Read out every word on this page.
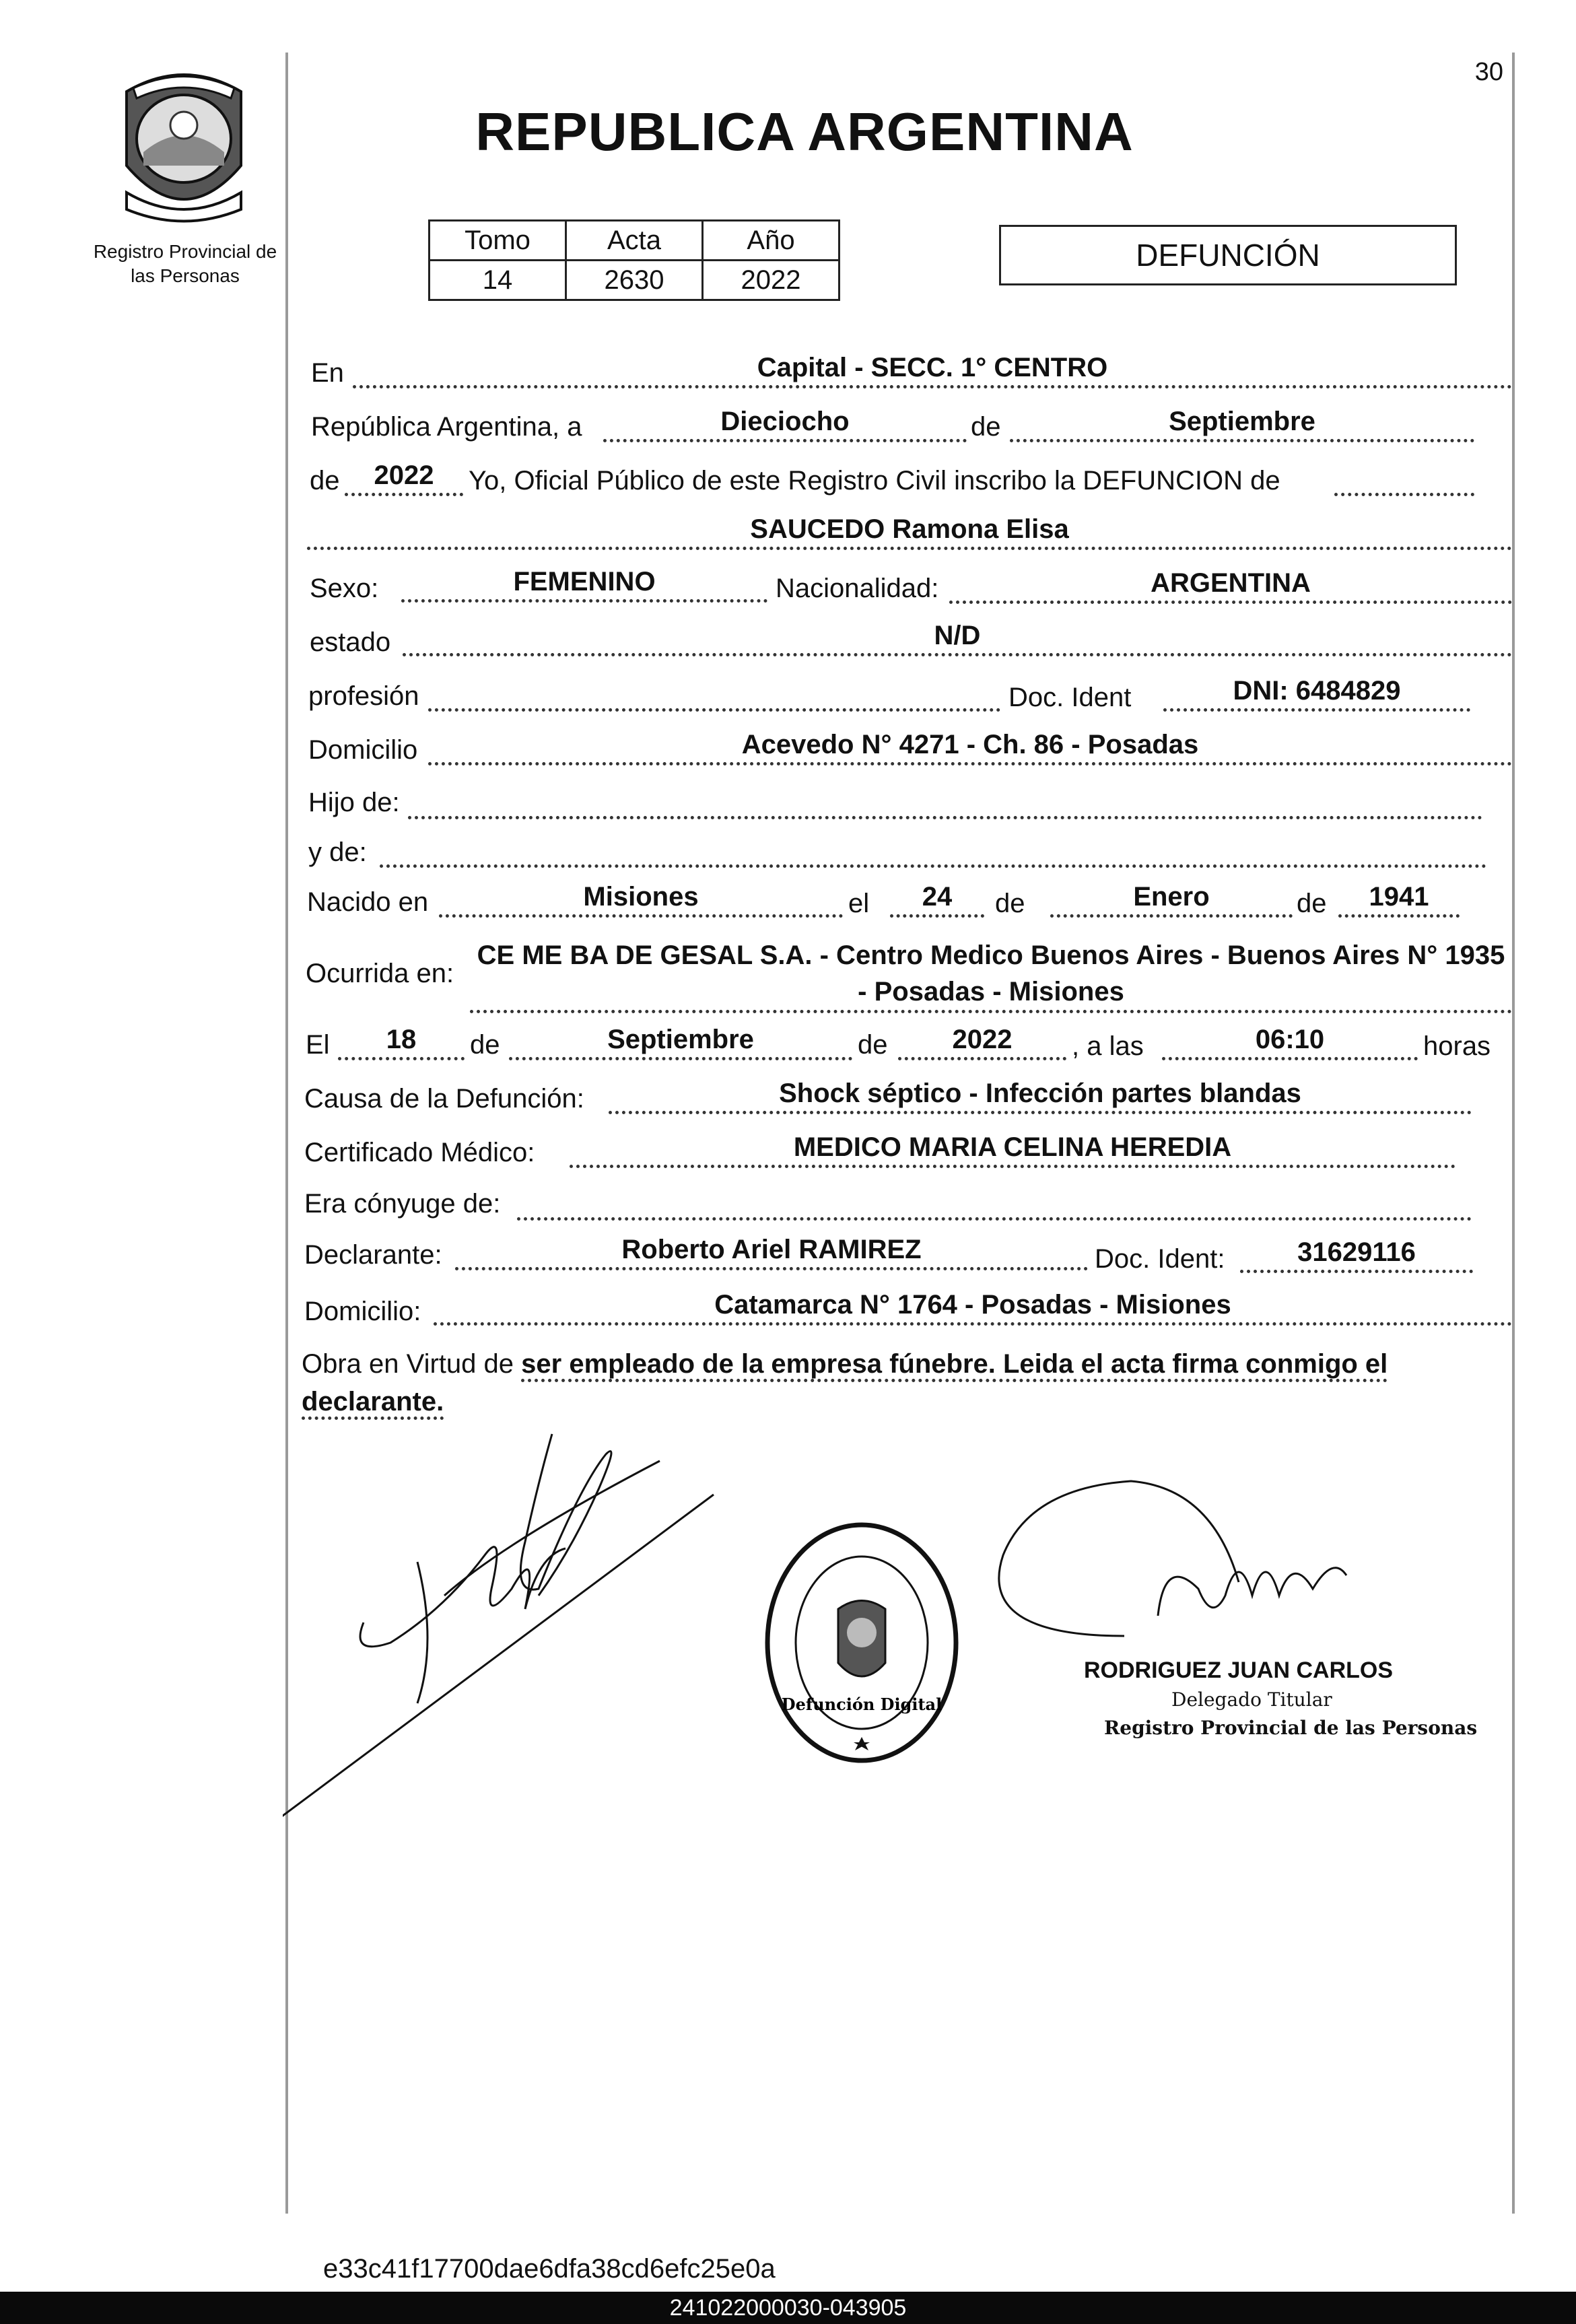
30
Registro Provincial de
las Personas
REPUBLICA ARGENTINA
Tomo	Acta	Año
14	2630	2022
DEFUNCIÓN
En	Capital - SECC. 1° CENTRO
República Argentina, a	Dieciocho	de	Septiembre
de	2022	Yo, Oficial Público de este Registro Civil inscribo la DEFUNCION de
SAUCEDO Ramona Elisa
Sexo:	FEMENINO	Nacionalidad:	ARGENTINA
estado	N/D
profesión	Doc. Ident	DNI: 6484829
Domicilio	Acevedo N° 4271 - Ch. 86 - Posadas
Hijo de:
y de:
Nacido en	Misiones	el	24	de	Enero	de	1941
Ocurrida en:
CE ME BA DE GESAL S.A. - Centro Medico Buenos Aires - Buenos Aires N° 1935 - Posadas - Misiones
El	18	de	Septiembre	de	2022	, a las	06:10	horas
Causa de la Defunción:	Shock séptico - Infección partes blandas
Certificado Médico:	MEDICO MARIA CELINA HEREDIA
Era cónyuge de:
Declarante:	Roberto Ariel RAMIREZ	Doc. Ident:	31629116
Domicilio:	Catamarca N° 1764 - Posadas - Misiones
Obra en Virtud de ser empleado de la empresa fúnebre. Leida el acta firma conmigo el declarante.
Defunción Digital
RODRIGUEZ JUAN CARLOS
Delegado Titular
Registro Provincial de las Personas
e33c41f17700dae6dfa38cd6efc25e0a
241022000030-043905
